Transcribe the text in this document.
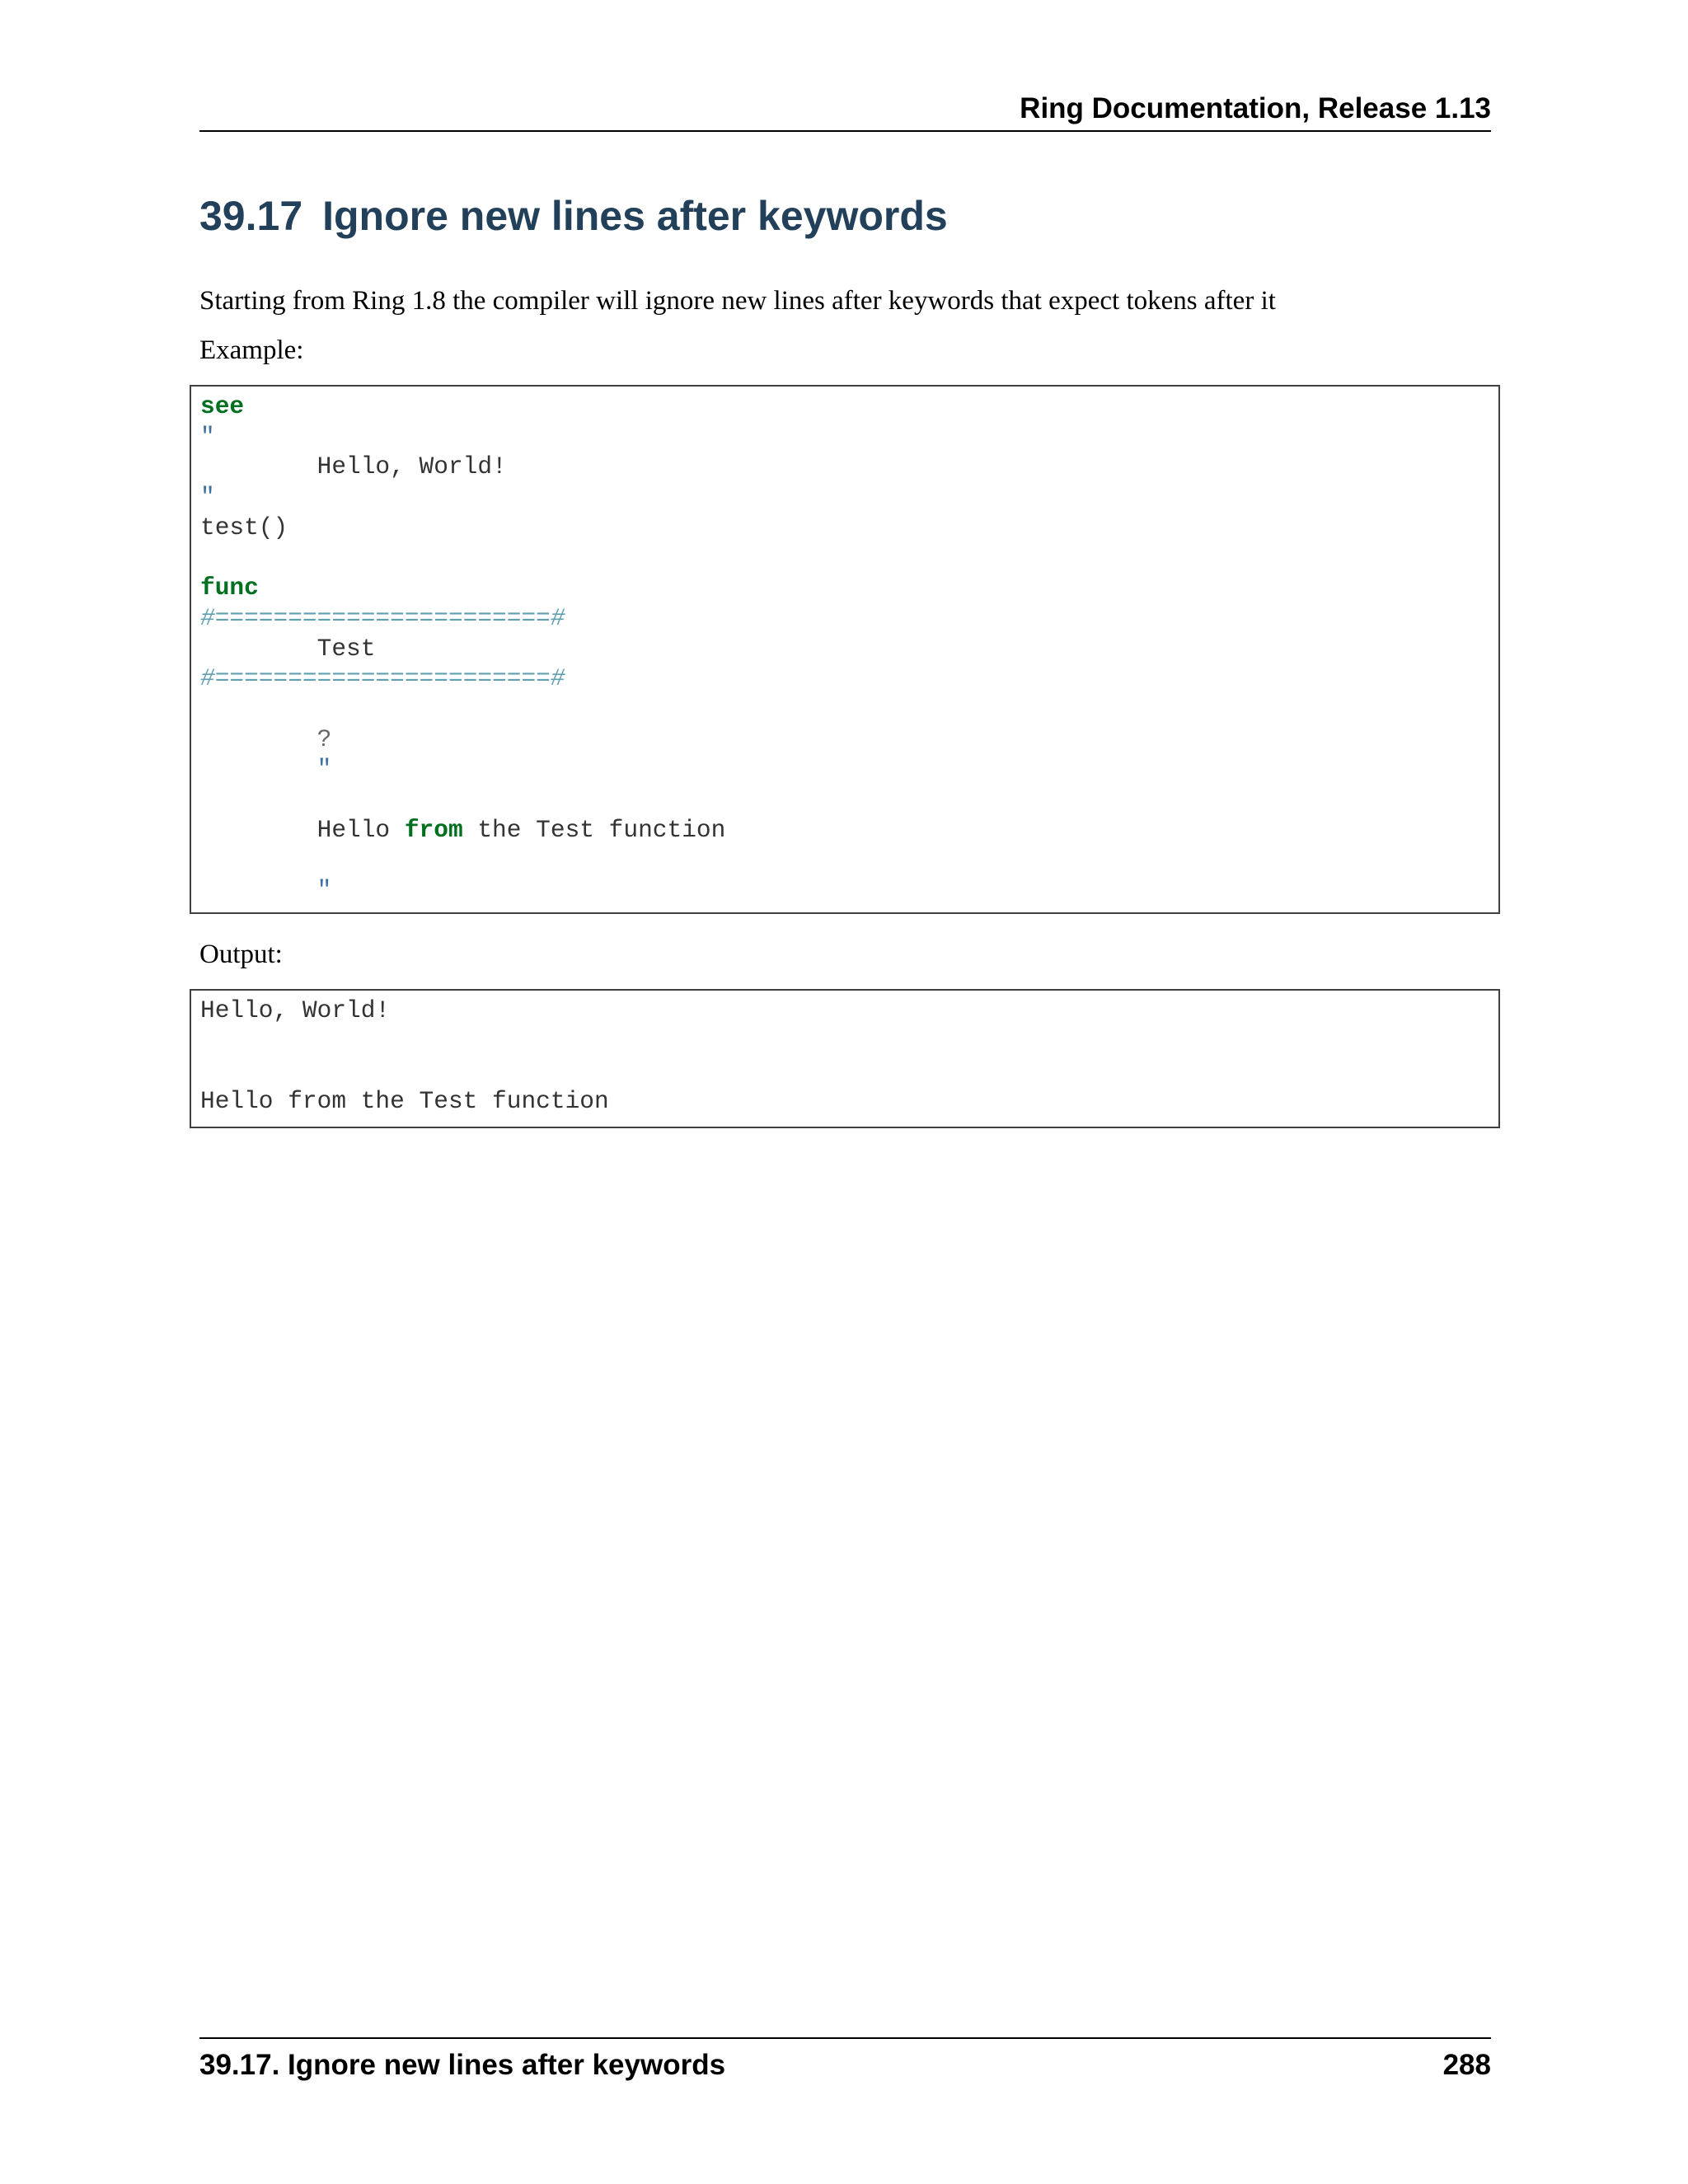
Ring Documentation, Release 1.13
39.17 Ignore new lines after keywords

Starting from Ring 1.8 the compiler will ignore new lines after keywords that expect tokens after it

Example:

see
"
Hello, World!
"
test()

func
#=======================#
Test
#=======================#

?
"

Hello from the Test function

"

Output:

Hello, World!

Hello from the Test function
39.17. Ignore new lines after keywords	288
